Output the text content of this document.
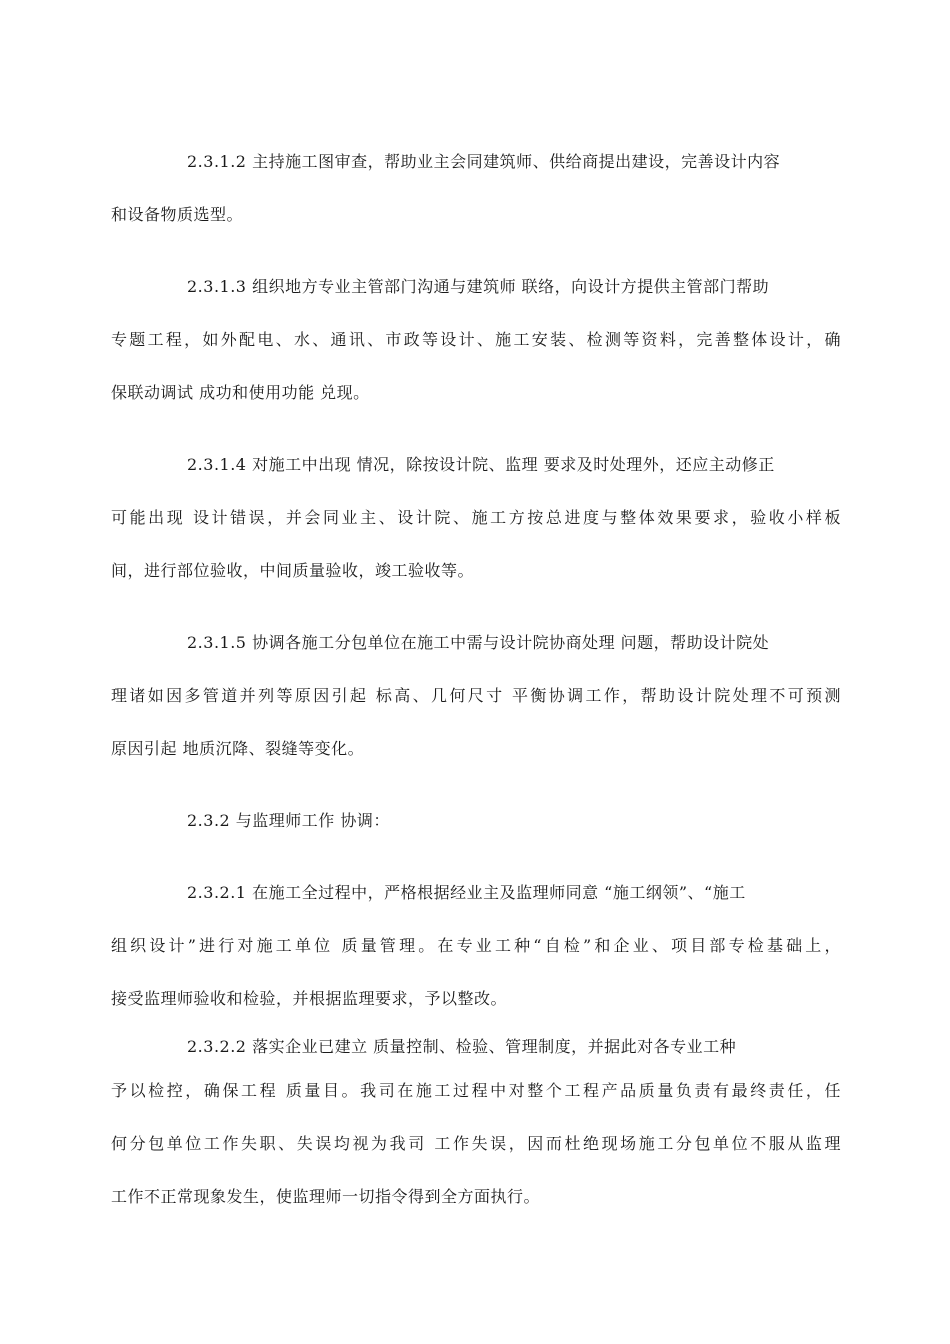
2.3.1.2 主持施工图审查，帮助业主会同建筑师、供给商提出建设，完善设计内容
和设备物质选型。
2.3.1.3 组织地方专业主管部门沟通与建筑师 联络，向设计方提供主管部门帮助
专题工程，如外配电、水、通讯、市政等设计、施工安装、检测等资料，完善整体设计，确
保联动调试 成功和使用功能 兑现。
2.3.1.4 对施工中出现 情况，除按设计院、监理 要求及时处理外，还应主动修正
可能出现 设计错误，并会同业主、设计院、施工方按总进度与整体效果要求，验收小样板
间，进行部位验收，中间质量验收，竣工验收等。
2.3.1.5 协调各施工分包单位在施工中需与设计院协商处理 问题，帮助设计院处
理诸如因多管道并列等原因引起 标高、几何尺寸 平衡协调工作，帮助设计院处理不可预测
原因引起 地质沉降、裂缝等变化。
2.3.2 与监理师工作 协调：
2.3.2.1 在施工全过程中，严格根据经业主及监理师同意 “施工纲领”、“施工
组织设计”进行对施工单位 质量管理。在专业工种“自检”和企业、项目部专检基础上，
接受监理师验收和检验，并根据监理要求，予以整改。
2.3.2.2 落实企业已建立 质量控制、检验、管理制度，并据此对各专业工种
予以检控，确保工程 质量目。我司在施工过程中对整个工程产品质量负责有最终责任，任
何分包单位工作失职、失误均视为我司 工作失误，因而杜绝现场施工分包单位不服从监理
工作不正常现象发生，使监理师一切指令得到全方面执行。
